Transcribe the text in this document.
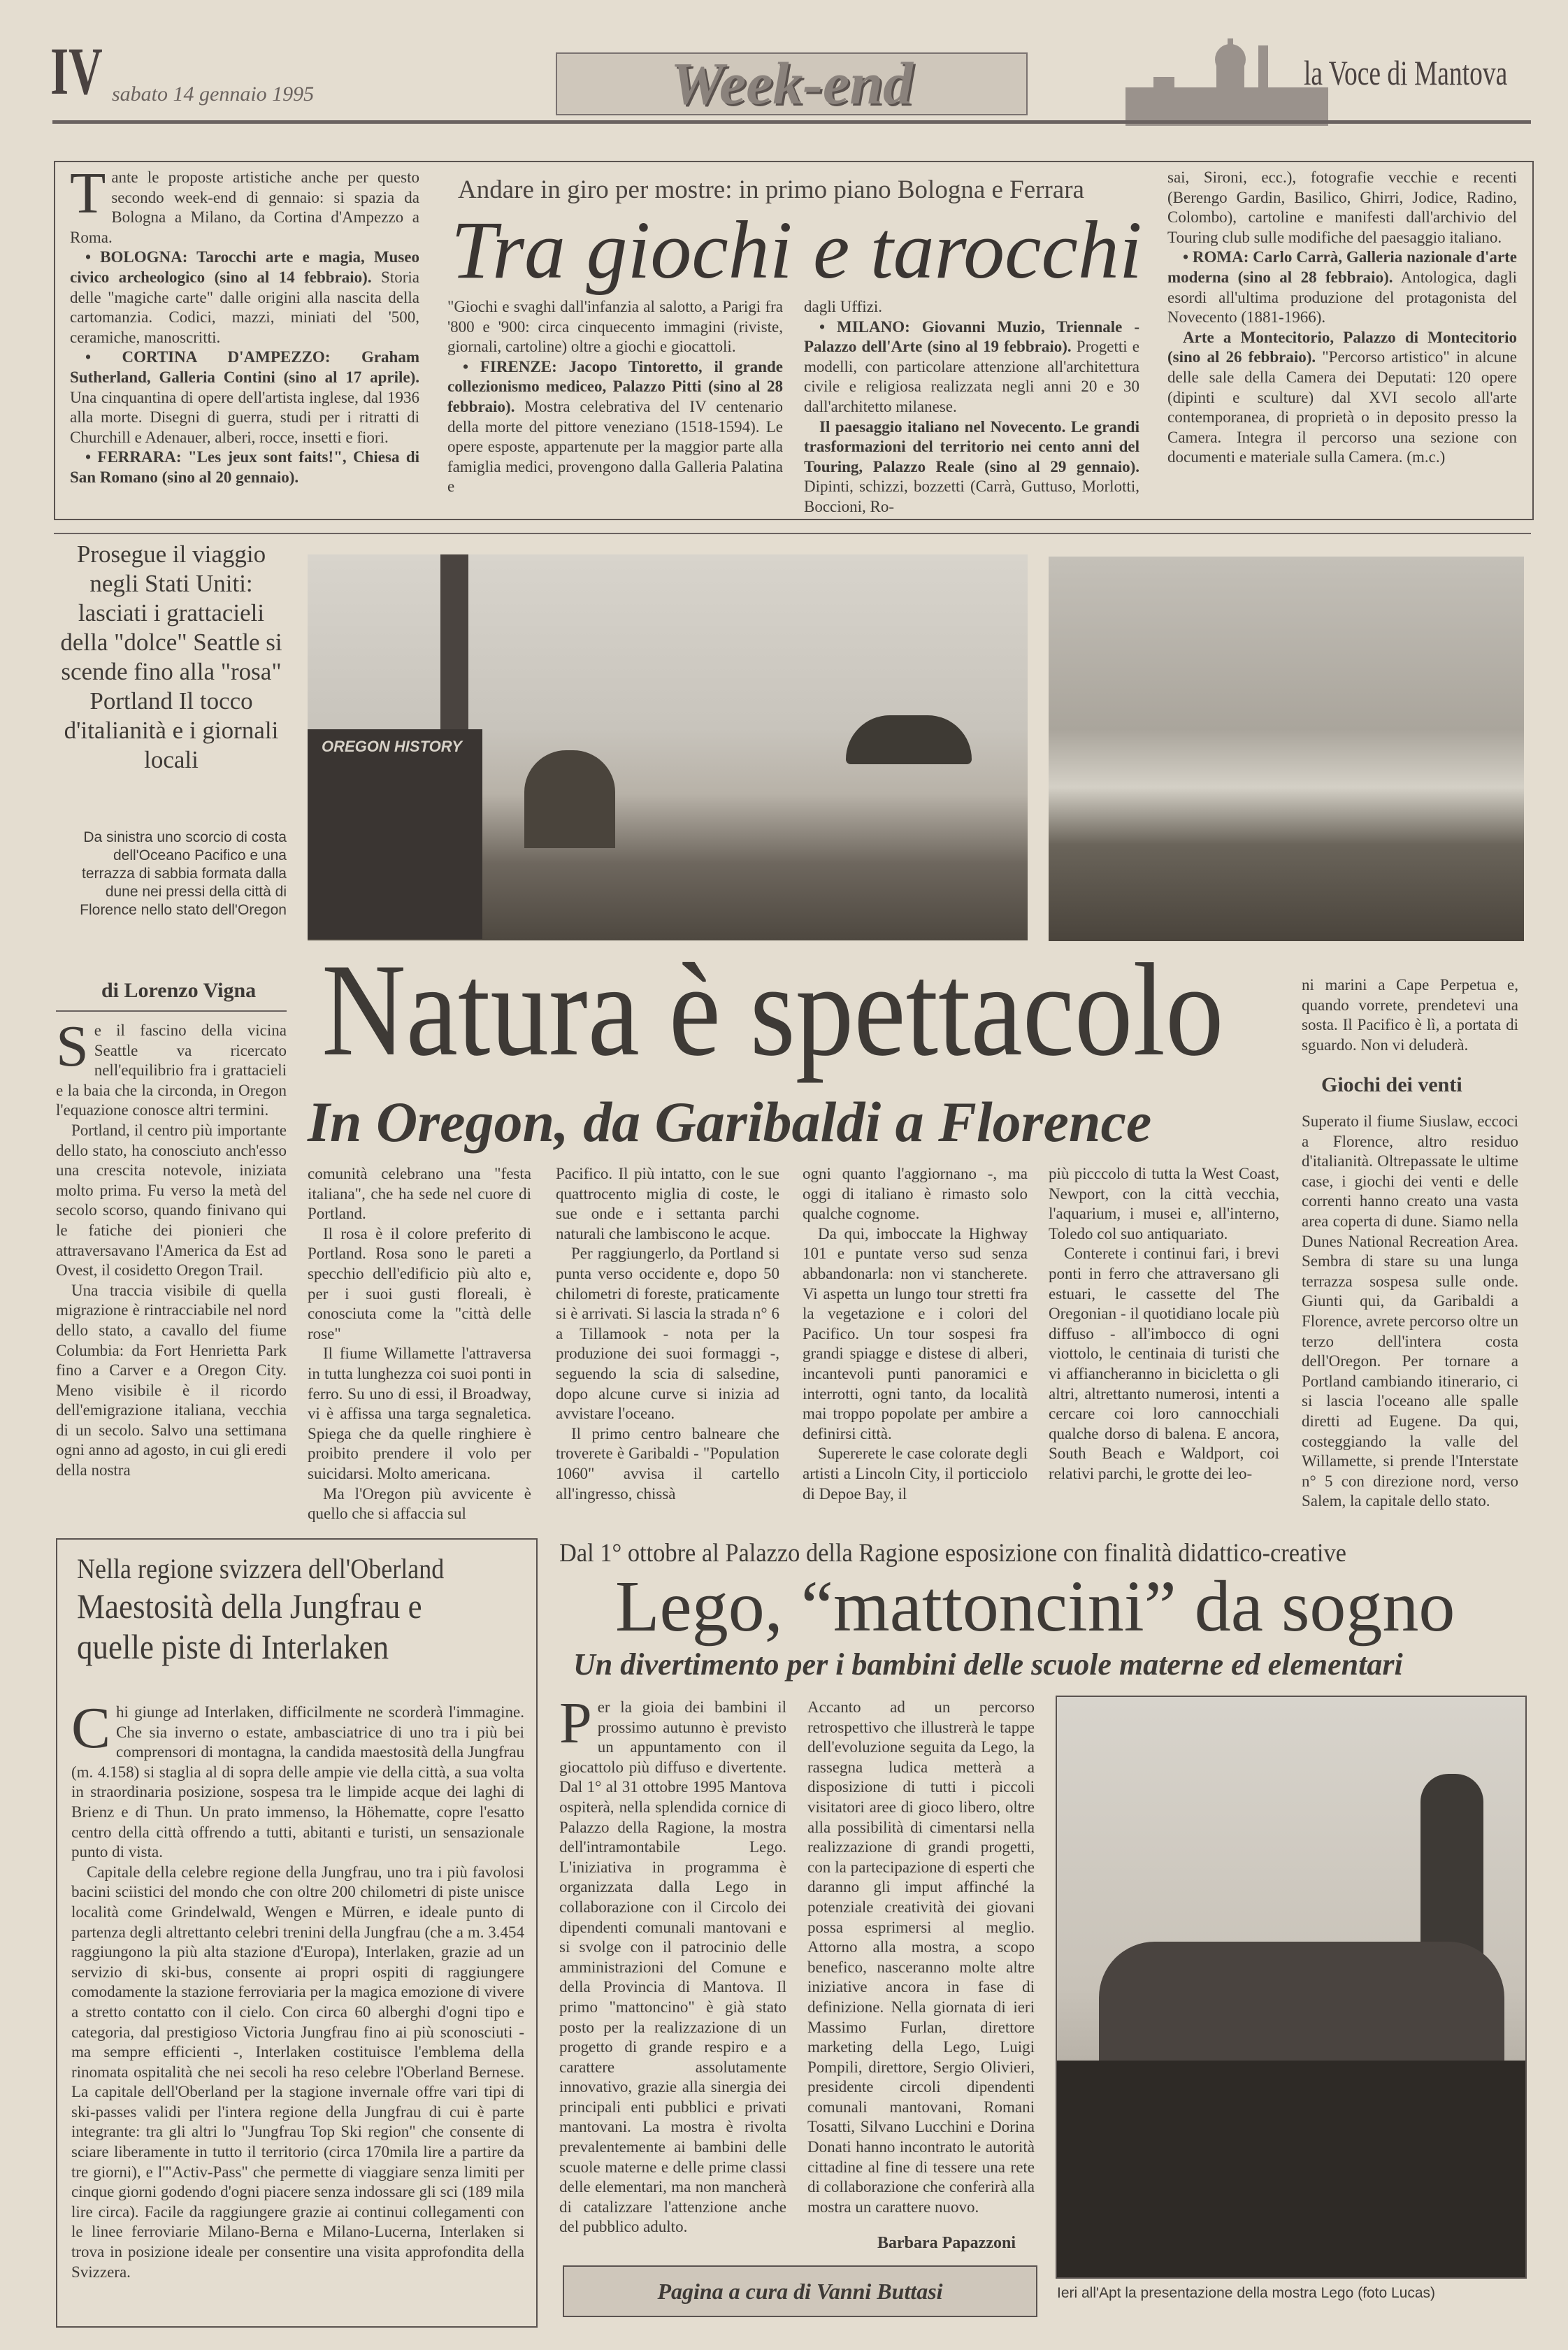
IV sabato 14 gennaio 1995	Week-end	la Voce di Mantova

Tante le proposte artistiche anche per questo secondo week-end di gennaio: si spazia da Bologna a Milano, da Cortina d'Ampezzo a Roma.

• BOLOGNA: Tarocchi arte e magia, Museo civico archeologico (sino al 14 febbraio). Storia delle "magiche carte" dalle origini alla nascita della cartomanzia. Codici, mazzi, miniati del '500, ceramiche, manoscritti.

• CORTINA D'AMPEZZO: Graham Sutherland, Galleria Contini (sino al 17 aprile). Una cinquantina di opere dell'artista inglese, dal 1936 alla morte. Disegni di guerra, studi per i ritratti di Churchill e Adenauer, alberi, rocce, insetti e fiori.

• FERRARA: "Les jeux sont faits!", Chiesa di San Romano (sino al 20 gennaio).

Andare in giro per mostre: in primo piano Bologna e Ferrara
Tra giochi e tarocchi

"Giochi e svaghi dall'infanzia al salotto, a Parigi fra '800 e '900: circa cinquecento immagini (riviste, giornali, cartoline) oltre a giochi e giocattoli.

• FIRENZE: Jacopo Tintoretto, il grande collezionismo mediceo, Palazzo Pitti (sino al 28 febbraio). Mostra celebrativa del IV centenario della morte del pittore veneziano (1518-1594). Le opere esposte, appartenute per la maggior parte alla famiglia medici, provengono dalla Galleria Palatina e

dagli Uffizi.

• MILANO: Giovanni Muzio, Triennale - Palazzo dell'Arte (sino al 19 febbraio). Progetti e modelli, con particolare attenzione all'architettura civile e religiosa realizzata negli anni 20 e 30 dall'architetto milanese.

Il paesaggio italiano nel Novecento. Le grandi trasformazioni del territorio nei cento anni del Touring, Palazzo Reale (sino al 29 gennaio). Dipinti, schizzi, bozzetti (Carrà, Guttuso, Morlotti, Boccioni, Ro-

sai, Sironi, ecc.), fotografie vecchie e recenti (Berengo Gardin, Basilico, Ghirri, Jodice, Radino, Colombo), cartoline e manifesti dall'archivio del Touring club sulle modifiche del paesaggio italiano.

• ROMA: Carlo Carrà, Galleria nazionale d'arte moderna (sino al 28 febbraio). Antologica, dagli esordi all'ultima produzione del protagonista del Novecento (1881-1966).

Arte a Montecitorio, Palazzo di Montecitorio (sino al 26 febbraio). "Percorso artistico" in alcune delle sale della Camera dei Deputati: 120 opere (dipinti e sculture) dal XVI secolo all'arte contemporanea, di proprietà o in deposito presso la Camera. Integra il percorso una sezione con documenti e materiale sulla Camera. (m.c.)

Prosegue il viaggio negli Stati Uniti: lasciati i grattacieli della "dolce" Seattle si scende fino alla "rosa" Portland Il tocco d'italianità e i giornali locali
Da sinistra uno scorcio di costa dell'Oceano Pacifico e una terrazza di sabbia formata dalla dune nei pressi della città di Florence nello stato dell'Oregon
OREGON HISTORY
di Lorenzo Vigna Natura è spettacolo
In Oregon, da Garibaldi a Florence

Se il fascino della vicina Seattle va ricercato nell'equilibrio fra i grattacieli e la baia che la circonda, in Oregon l'equazione conosce altri termini.

Portland, il centro più importante dello stato, ha conosciuto anch'esso una crescita notevole, iniziata molto prima. Fu verso la metà del secolo scorso, quando finivano qui le fatiche dei pionieri che attraversavano l'America da Est ad Ovest, il cosidetto Oregon Trail.

Una traccia visibile di quella migrazione è rintracciabile nel nord dello stato, a cavallo del fiume Columbia: da Fort Henrietta Park fino a Carver e a Oregon City. Meno visibile è il ricordo dell'emigrazione italiana, vecchia di un secolo. Salvo una settimana ogni anno ad agosto, in cui gli eredi della nostra

comunità celebrano una "festa italiana", che ha sede nel cuore di Portland.

Il rosa è il colore preferito di Portland. Rosa sono le pareti a specchio dell'edificio più alto e, per i suoi gusti floreali, è conosciuta come la "città delle rose"

Il fiume Willamette l'attraversa in tutta lunghezza coi suoi ponti in ferro. Su uno di essi, il Broadway, vi è affissa una targa segnaletica. Spiega che da quelle ringhiere è proibito prendere il volo per suicidarsi. Molto americana.

Ma l'Oregon più avvicente è quello che si affaccia sul

Pacifico. Il più intatto, con le sue quattrocento miglia di coste, le sue onde e i settanta parchi naturali che lambiscono le acque.

Per raggiungerlo, da Portland si punta verso occidente e, dopo 50 chilometri di foreste, praticamente si è arrivati. Si lascia la strada n° 6 a Tillamook - nota per la produzione dei suoi formaggi -, seguendo la scia di salsedine, dopo alcune curve si inizia ad avvistare l'oceano.

Il primo centro balneare che troverete è Garibaldi - "Population 1060" avvisa il cartello all'ingresso, chissà

ogni quanto l'aggiornano -, ma oggi di italiano è rimasto solo qualche cognome.

Da qui, imboccate la Highway 101 e puntate verso sud senza abbandonarla: non vi stancherete. Vi aspetta un lungo tour stretti fra la vegetazione e i colori del Pacifico. Un tour sospesi fra grandi spiagge e distese di alberi, incantevoli punti panoramici e interrotti, ogni tanto, da località mai troppo popolate per ambire a definirsi città.

Supererete le case colorate degli artisti a Lincoln City, il porticciolo di Depoe Bay, il

più picccolo di tutta la West Coast, Newport, con la città vecchia, l'aquarium, i musei e, all'interno, Toledo col suo antiquariato.

Conterete i continui fari, i brevi ponti in ferro che attraversano gli estuari, le cassette del The Oregonian - il quotidiano locale più diffuso - all'imbocco di ogni viottolo, le centinaia di turisti che vi affiancheranno in bicicletta o gli altri, altrettanto numerosi, intenti a cercare coi loro cannocchiali qualche dorso di balena. E ancora, South Beach e Waldport, coi relativi parchi, le grotte dei leo-

ni marini a Cape Perpetua e, quando vorrete, prendetevi una sosta. Il Pacifico è lì, a portata di sguardo. Non vi deluderà.

Giochi dei venti

Superato il fiume Siuslaw, eccoci a Florence, altro residuo d'italianità. Oltrepassate le ultime case, i giochi dei venti e delle correnti hanno creato una vasta area coperta di dune. Siamo nella Dunes National Recreation Area. Sembra di stare su una lunga terrazza sospesa sulle onde. Giunti qui, da Garibaldi a Florence, avrete percorso oltre un terzo dell'intera costa dell'Oregon. Per tornare a Portland cambiando itinerario, ci si lascia l'oceano alle spalle diretti ad Eugene. Da qui, costeggiando la valle del Willamette, si prende l'Interstate n° 5 con direzione nord, verso Salem, la capitale dello stato.

Nella regione svizzera dell'Oberland
Maestosità della Jungfrau e quelle piste di Interlaken

Chi giunge ad Interlaken, difficilmente ne scorderà l'immagine. Che sia inverno o estate, ambasciatrice di uno tra i più bei comprensori di montagna, la candida maestosità della Jungfrau (m. 4.158) si staglia al di sopra delle ampie vie della città, a sua volta in straordinaria posizione, sospesa tra le limpide acque dei laghi di Brienz e di Thun. Un prato immenso, la Höhematte, copre l'esatto centro della città offrendo a tutti, abitanti e turisti, un sensazionale punto di vista.

Capitale della celebre regione della Jungfrau, uno tra i più favolosi bacini sciistici del mondo che con oltre 200 chilometri di piste unisce località come Grindelwald, Wengen e Mürren, e ideale punto di partenza degli altrettanto celebri trenini della Jungfrau (che a m. 3.454 raggiungono la più alta stazione d'Europa), Interlaken, grazie ad un servizio di ski-bus, consente ai propri ospiti di raggiungere comodamente la stazione ferroviaria per la magica emozione di vivere a stretto contatto con il cielo. Con circa 60 alberghi d'ogni tipo e categoria, dal prestigioso Victoria Jungfrau fino ai più sconosciuti - ma sempre efficienti -, Interlaken costituisce l'emblema della rinomata ospitalità che nei secoli ha reso celebre l'Oberland Bernese. La capitale dell'Oberland per la stagione invernale offre vari tipi di ski-passes validi per l'intera regione della Jungfrau di cui è parte integrante: tra gli altri lo "Jungfrau Top Ski region" che consente di sciare liberamente in tutto il territorio (circa 170mila lire a partire da tre giorni), e l'"Activ-Pass" che permette di viaggiare senza limiti per cinque giorni godendo d'ogni piacere senza indossare gli sci (189 mila lire circa). Facile da raggiungere grazie ai continui collegamenti con le linee ferroviarie Milano-Berna e Milano-Lucerna, Interlaken si trova in posizione ideale per consentire una visita approfondita della Svizzera.

Dal 1° ottobre al Palazzo della Ragione esposizione con finalità didattico-creative
Lego, “mattoncini” da sogno
Un divertimento per i bambini delle scuole materne ed elementari

Per la gioia dei bambini il prossimo autunno è previsto un appuntamento con il giocattolo più diffuso e divertente. Dal 1° al 31 ottobre 1995 Mantova ospiterà, nella splendida cornice di Palazzo della Ragione, la mostra dell'intramontabile Lego. L'iniziativa in programma è organizzata dalla Lego in collaborazione con il Circolo dei dipendenti comunali mantovani e si svolge con il patrocinio delle amministrazioni del Comune e della Provincia di Mantova. Il primo "mattoncino" è già stato posto per la realizzazione di un progetto di grande respiro e a carattere assolutamente innovativo, grazie alla sinergia dei principali enti pubblici e privati mantovani. La mostra è rivolta prevalentemente ai bambini delle scuole materne e delle prime classi delle elementari, ma non mancherà di catalizzare l'attenzione anche del pubblico adulto.

Accanto ad un percorso retrospettivo che illustrerà le tappe dell'evoluzione seguita da Lego, la rassegna ludica metterà a disposizione di tutti i piccoli visitatori aree di gioco libero, oltre alla possibilità di cimentarsi nella realizzazione di grandi progetti, con la partecipazione di esperti che daranno gli imput affinché la potenziale creatività dei giovani possa esprimersi al meglio. Attorno alla mostra, a scopo benefico, nasceranno molte altre iniziative ancora in fase di definizione. Nella giornata di ieri Massimo Furlan, direttore marketing della Lego, Luigi Pompili, direttore, Sergio Olivieri, presidente circoli dipendenti comunali mantovani, Romani Tosatti, Silvano Lucchini e Dorina Donati hanno incontrato le autorità cittadine al fine di tessere una rete di collaborazione che conferirà alla mostra un carattere nuovo.

Barbara Papazzoni
Ieri all'Apt la presentazione della mostra Lego (foto Lucas)
Pagina a cura di Vanni Buttasi
